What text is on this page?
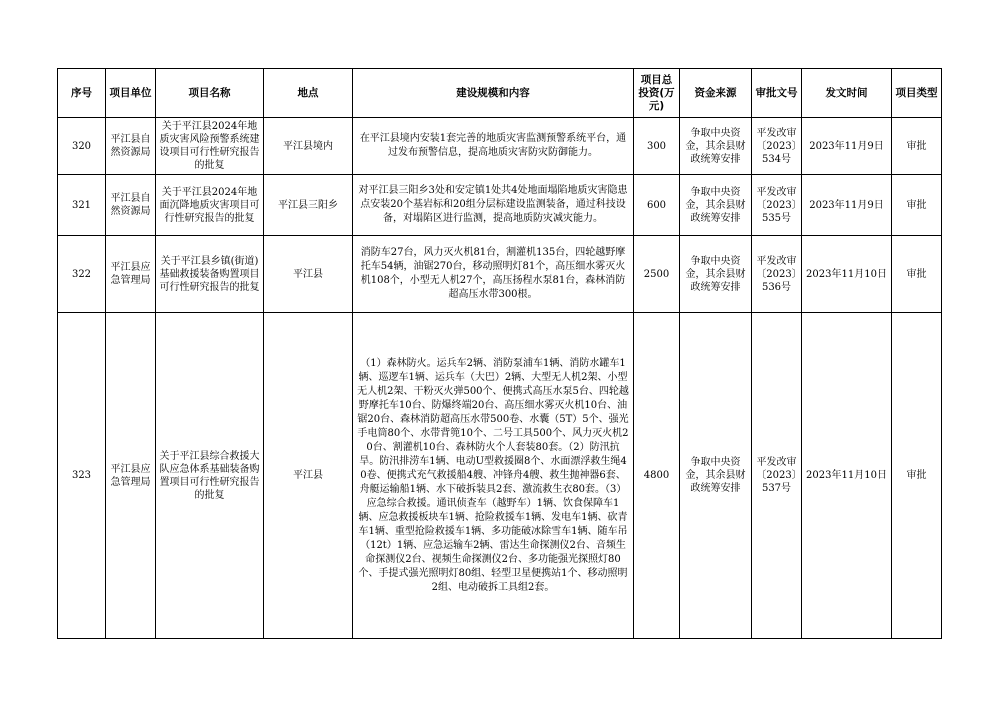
序号	项目单位	项目名称	地点	建设规模和内容	项目总投资(万元)	资金来源	审批文号	发文时间	项目类型
320	平江县自然资源局	关于平江县2024年地质灾害风险预警系统建设项目可行性研究报告的批复	平江县境内	在平江县境内安装1套完善的地质灾害监测预警系统平台，通过发布预警信息，提高地质灾害防灾防御能力。	300	争取中央资金，其余县财政统筹安排	平发改审〔2023〕534号	2023年11月9日	审批
321	平江县自然资源局	关于平江县2024年地面沉降地质灾害项目可行性研究报告的批复	平江县三阳乡	对平江县三阳乡3处和安定镇1处共4处地面塌陷地质灾害隐患点安装20个基岩标和20组分层标建设监测装备，通过科技设备，对塌陷区进行监测，提高地质防灾减灾能力。	600	争取中央资金，其余县财政统筹安排	平发改审〔2023〕535号	2023年11月9日	审批
322	平江县应急管理局	关于平江县乡镇(街道)基础救援装备购置项目可行性研究报告的批复	平江县	消防车27台，风力灭火机81台，割灌机135台，四轮越野摩托车54辆，油锯270台，移动照明灯81个，高压细水雾灭火机108个，小型无人机27个，高压扬程水泵81台，森林消防超高压水带300根。	2500	争取中央资金，其余县财政统筹安排	平发改审〔2023〕536号	2023年11月10日	审批
323	平江县应急管理局	关于平江县综合救援大队应急体系基础装备购置项目可行性研究报告的批复	平江县	（1）森林防火。运兵车2辆、消防泵浦车1辆、消防水罐车1辆、巡逻车1辆、运兵车（大巴）2辆、大型无人机2架、小型无人机2架、干粉灭火弹500个、便携式高压水泵5台、四轮越野摩托车10台、防爆终端20台、高压细水雾灭火机10台、油锯20台、森林消防超高压水带500卷、水囊（5T）5个、强光手电筒80个、水带背篼10个、二号工具500个、风力灭火机20台、割灌机10台、森林防火个人套装80套。（2）防汛抗旱。防汛排涝车1辆、电动U型救援圈8个、水面漂浮救生绳40卷、便携式充气救援船4艘、冲锋舟4艘、救生抛神器6套、舟艇运输船1辆、水下破拆装具2套、激流救生衣80套。（3）应急综合救援。通讯侦查车（越野车）1辆、饮食保障车1辆、应急救援板块车1辆、抢险救援车1辆、发电车1辆、砍青车1辆、重型抢险救援车1辆、多功能破冰除雪车1辆、随车吊（12t）1辆、应急运输车2辆、雷达生命探测仪2台、音频生命探测仪2台、视频生命探测仪2台、多功能强光探照灯80个、手提式强光照明灯80组、轻型卫星便携站1个、移动照明2组、电动破拆工具组2套。	4800	争取中央资金，其余县财政统筹安排	平发改审〔2023〕537号	2023年11月10日	审批
